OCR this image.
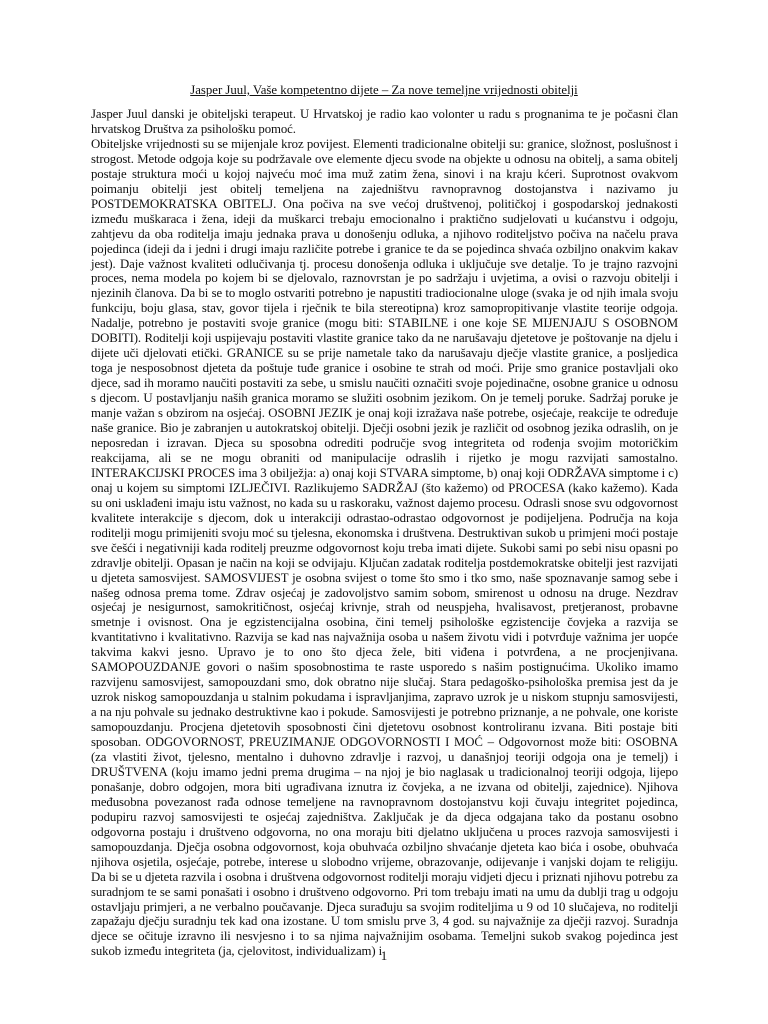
Jasper Juul, Vaše kompetentno dijete – Za nove temeljne vrijednosti obitelji

Jasper Juul danski je obiteljski terapeut. U Hrvatskoj je radio kao volonter u radu s prognanima te je počasni član hrvatskog Društva za psihološku pomoć.

Obiteljske vrijednosti su se mijenjale kroz povijest. Elementi tradicionalne obitelji su: granice, složnost, poslušnost i strogost. Metode odgoja koje su podržavale ove elemente djecu svode na objekte u odnosu na obitelj, a sama obitelj postaje struktura moći u kojoj najveću moć ima muž zatim žena, sinovi i na kraju kćeri. Suprotnost ovakvom poimanju obitelji jest obitelj temeljena na zajedništvu ravnopravnog dostojanstva i nazivamo ju POSTDEMOKRATSKA OBITELJ. Ona počiva na sve većoj društvenoj, političkoj i gospodarskoj jednakosti između muškaraca i žena, ideji da muškarci trebaju emocionalno i praktično sudjelovati u kućanstvu i odgoju, zahtjevu da oba roditelja imaju jednaka prava u donošenju odluka, a njihovo roditeljstvo počiva na načelu prava pojedinca (ideji da i jedni i drugi imaju različite potrebe i granice te da se pojedinca shvaća ozbiljno onakvim kakav jest). Daje važnost kvaliteti odlučivanja tj. procesu donošenja odluka i uključuje sve detalje. To je trajno razvojni proces, nema modela po kojem bi se djelovalo, raznovrstan je po sadržaju i uvjetima, a ovisi o razvoju obitelji i njezinih članova. Da bi se to moglo ostvariti potrebno je napustiti tradiocionalne uloge (svaka je od njih imala svoju funkciju, boju glasa, stav, govor tijela i rječnik te bila stereotipna) kroz samopropitivanje vlastite teorije odgoja. Nadalje, potrebno je postaviti svoje granice (mogu biti: STABILNE i one koje SE MIJENJAJU S OSOBNOM DOBITI). Roditelji koji uspijevaju postaviti vlastite granice tako da ne narušavaju djetetove je poštovanje na djelu i dijete uči djelovati etički. GRANICE su se prije nametale tako da narušavaju dječje vlastite granice, a posljedica toga je nesposobnost djeteta da poštuje tuđe granice i osobine te strah od moći. Prije smo granice postavljali oko djece, sad ih moramo naučiti postaviti za sebe, u smislu naučiti označiti svoje pojedinačne, osobne granice u odnosu s djecom. U postavljanju naših granica moramo se služiti osobnim jezikom. On je temelj poruke. Sadržaj poruke je manje važan s obzirom na osjećaj. OSOBNI JEZIK je onaj koji izražava naše potrebe, osjećaje, reakcije te određuje naše granice. Bio je zabranjen u autokratskoj obitelji. Dječji osobni jezik je različit od osobnog jezika odraslih, on je neposredan i izravan. Djeca su sposobna odrediti područje svog integriteta od rođenja svojim motoričkim reakcijama, ali se ne mogu obraniti od manipulacije odraslih i rijetko je mogu razvijati samostalno. INTERAKCIJSKI PROCES ima 3 obilježja: a) onaj koji STVARA simptome, b) onaj koji ODRŽAVA simptome i c) onaj u kojem su simptomi IZLJEČIVI. Razlikujemo SADRŽAJ (što kažemo) od PROCESA (kako kažemo). Kada su oni usklađeni imaju istu važnost, no kada su u raskoraku, važnost dajemo procesu. Odrasli snose svu odgovornost kvalitete interakcije s djecom, dok u interakciji odrastao-odrastao odgovornost je podijeljena. Područja na koja roditelji mogu primijeniti svoju moć su tjelesna, ekonomska i društvena. Destruktivan sukob u primjeni moći postaje sve češći i negativniji kada roditelj preuzme odgovornost koju treba imati dijete. Sukobi sami po sebi nisu opasni po zdravlje obitelji. Opasan je način na koji se odvijaju. Ključan zadatak roditelja postdemokratske obitelji jest razvijati u djeteta samosvijest. SAMOSVIJEST je osobna svijest o tome što smo i tko smo, naše spoznavanje samog sebe i našeg odnosa prema tome. Zdrav osjećaj je zadovoljstvo samim sobom, smirenost u odnosu na druge. Nezdrav osjećaj je nesigurnost, samokritičnost, osjećaj krivnje, strah od neuspjeha, hvalisavost, pretjeranost, probavne smetnje i ovisnost. Ona je egzistencijalna osobina, čini temelj psihološke egzistencije čovjeka a razvija se kvantitativno i kvalitativno. Razvija se kad nas najvažnija osoba u našem životu vidi i potvrđuje važnima jer uopće takvima kakvi jesno. Upravo je to ono što djeca žele, biti viđena i potvrđena, a ne procjenjivana. SAMOPOUZDANJE govori o našim sposobnostima te raste usporedo s našim postignućima. Ukoliko imamo razvijenu samosvijest, samopouzdani smo, dok obratno nije slučaj. Stara pedagoško-psihološka premisa jest da je uzrok niskog samopouzdanja u stalnim pokudama i ispravljanjima, zapravo uzrok je u niskom stupnju samosvijesti, a na nju pohvale su jednako destruktivne kao i pokude. Samosvijesti je potrebno priznanje, a ne pohvale, one koriste samopouzdanju. Procjena djetetovih sposobnosti čini djetetovu osobnost kontroliranu izvana. Biti postaje biti sposoban. ODGOVORNOST, PREUZIMANJE ODGOVORNOSTI I MOĆ – Odgovornost može biti: OSOBNA (za vlastiti život, tjelesno, mentalno i duhovno zdravlje i razvoj, u današnjoj teoriji odgoja ona je temelj) i DRUŠTVENA (koju imamo jedni prema drugima – na njoj je bio naglasak u tradicionalnoj teoriji odgoja, lijepo ponašanje, dobro odgojen, mora biti ugrađivana iznutra iz čovjeka, a ne izvana od obitelji, zajednice). Njihova međusobna povezanost rađa odnose temeljene na ravnopravnom dostojanstvu koji čuvaju integritet pojedinca, podupiru razvoj samosvijesti te osjećaj zajedništva. Zaključak je da djeca odgajana tako da postanu osobno odgovorna postaju i društveno odgovorna, no ona moraju biti djelatno uključena u proces razvoja samosvijesti i samopouzdanja. Dječja osobna odgovornost, koja obuhvaća ozbiljno shvaćanje djeteta kao bića i osobe, obuhvaća njihova osjetila, osjećaje, potrebe, interese u slobodno vrijeme, obrazovanje, odijevanje i vanjski dojam te religiju. Da bi se u djeteta razvila i osobna i društvena odgovornost roditelji moraju vidjeti djecu i priznati njihovu potrebu za suradnjom te se sami ponašati i osobno i društveno odgovorno. Pri tom trebaju imati na umu da dublji trag u odgoju ostavljaju primjeri, a ne verbalno poučavanje. Djeca surađuju sa svojim roditeljima u 9 od 10 slučajeva, no roditelji zapažaju dječju suradnju tek kad ona izostane. U tom smislu prve 3, 4 god. su najvažnije za dječji razvoj. Suradnja djece se očituje izravno ili nesvjesno i to sa njima najvažnijim osobama. Temeljni sukob svakog pojedinca jest sukob između integriteta (ja, cjelovitost, individualizam) i

1
